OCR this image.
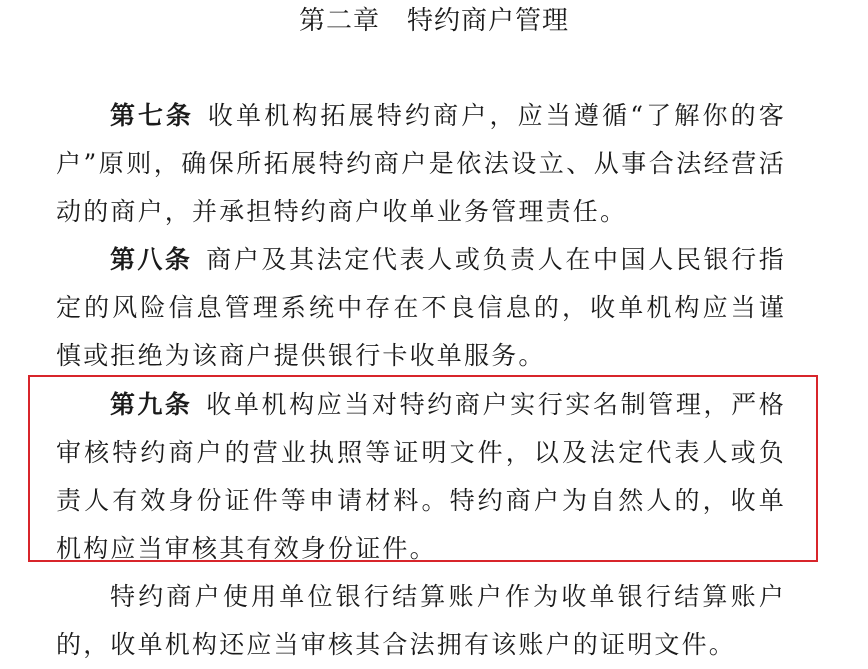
第二章　特约商户管理

第七条 收单机构拓展特约商户，应当遵循“了解你的客户”原则，确保所拓展特约商户是依法设立、从事合法经营活动的商户，并承担特约商户收单业务管理责任。

第八条 商户及其法定代表人或负责人在中国人民银行指定的风险信息管理系统中存在不良信息的，收单机构应当谨慎或拒绝为该商户提供银行卡收单服务。

第九条 收单机构应当对特约商户实行实名制管理，严格审核特约商户的营业执照等证明文件，以及法定代表人或负责人有效身份证件等申请材料。特约商户为自然人的，收单机构应当审核其有效身份证件。

特约商户使用单位银行结算账户作为收单银行结算账户的，收单机构还应当审核其合法拥有该账户的证明文件。
